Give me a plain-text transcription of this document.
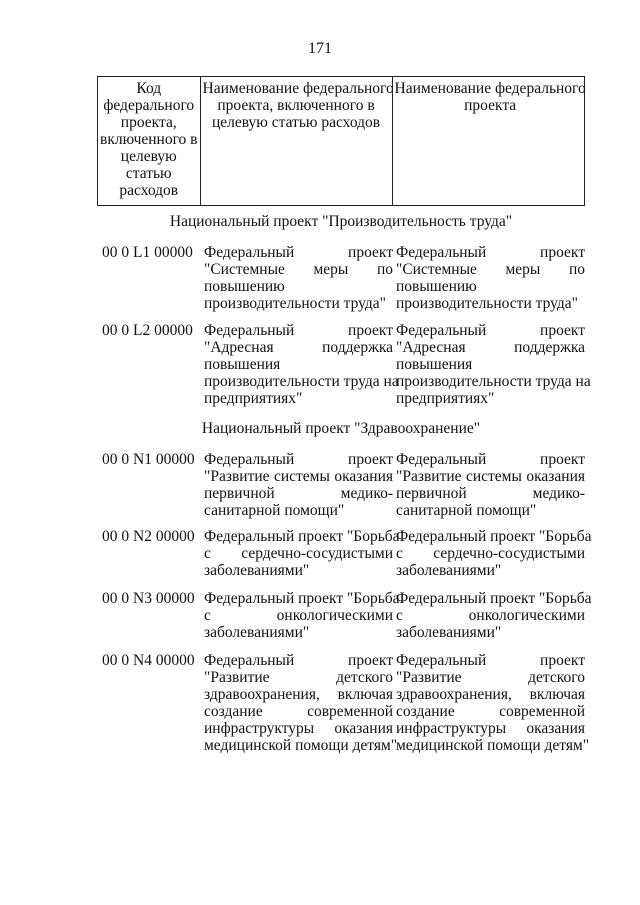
171
Код
федерального
проекта,
включенного в
целевую
статью
расходов
Наименование федерального
проекта, включенного в
целевую статью расходов
Наименование федерального
проекта
Национальный проект "Производительность труда"
00 0 L1 00000 Федеральный проект
"Системные меры по
повышению
производительности труда"
Федеральный проект
"Системные меры по
повышению
производительности труда"
00 0 L2 00000 Федеральный проект
"Адресная поддержка
повышения
производительности труда на
предприятиях"
Федеральный проект
"Адресная поддержка
повышения
производительности труда на
предприятиях"
Национальный проект "Здравоохранение"
00 0 N1 00000 Федеральный проект
"Развитие системы оказания
первичной медико-
санитарной помощи"
Федеральный проект
"Развитие системы оказания
первичной медико-
санитарной помощи"
00 0 N2 00000 Федеральный проект "Борьба
с сердечно-сосудистыми
заболеваниями"
Федеральный проект "Борьба
с сердечно-сосудистыми
заболеваниями"
00 0 N3 00000 Федеральный проект "Борьба
с онкологическими
заболеваниями"
Федеральный проект "Борьба
с онкологическими
заболеваниями"
00 0 N4 00000 Федеральный проект
"Развитие детского
здравоохранения, включая
создание современной
инфраструктуры оказания
медицинской помощи детям"
Федеральный проект
"Развитие детского
здравоохранения, включая
создание современной
инфраструктуры оказания
медицинской помощи детям"
